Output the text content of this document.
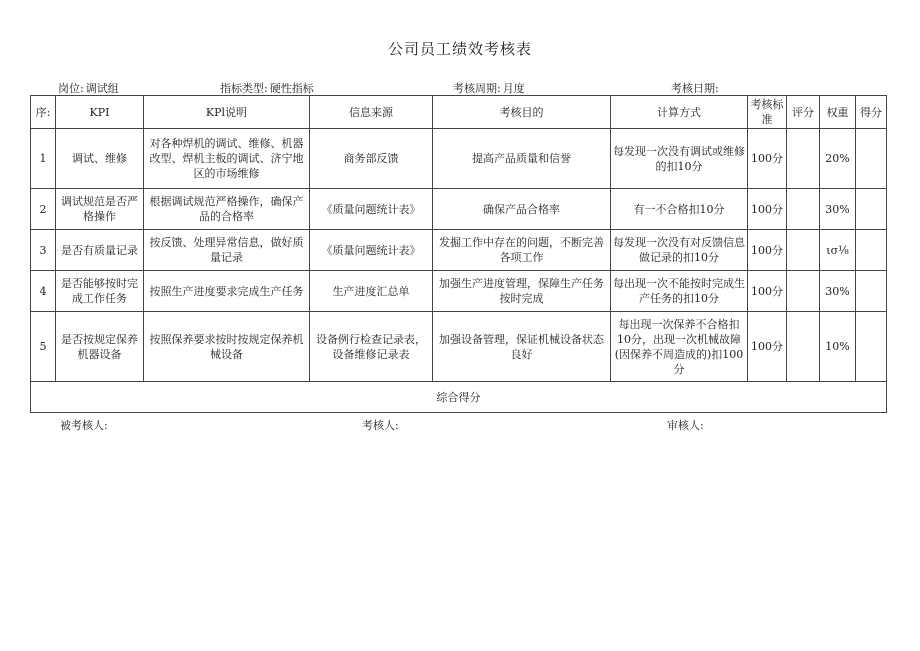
公司员工绩效考核表
岗位: 调试组	指标类型: 硬性指标	考核周期: 月度	考核日期:
序:	KPI	KPl说明	信息来源	考核目的	计算方式	考核标准	评分	权重	得分
1	调试、维修	对各种焊机的调试、维修、机器改型、焊机主板的调试、济宁地区的市场维修	商务部反馈	提高产品质量和信誉	每发现一次没有调试或维修的扣10分	100分		20%	
2	调试规范是否严格操作	根据调试规范严格操作，确保产品的合格率	《质量问题统计表》	确保产品合格率	有一不合格扣10分	100分		30%	
3	是否有质量记录	按反馈、处理异常信息，做好质量记录	《质量问题统计表》	发掘工作中存在的问题，不断完善各项工作	每发现一次没有对反馈信息做记录的扣10分	100分		ισ⅛	
4	是否能够按时完成工作任务	按照生产进度要求完成生产任务	生产进度汇总单	加强生产进度管理，保障生产任务按时完成	每出现一次不能按时完成生产任务的扣10分	100分		30%	
5	是否按规定保养机器设备	按照保养要求按时按规定保养机械设备	设备例行检查记录表，设备维修记录表	加强设备管理，保证机械设备状态良好	每出现一次保养不合格扣10分，出现一次机械故障(因保养不周造成的)扣100分	100分		10%	
综合得分									
被考核人:	考核人:	审核人:
